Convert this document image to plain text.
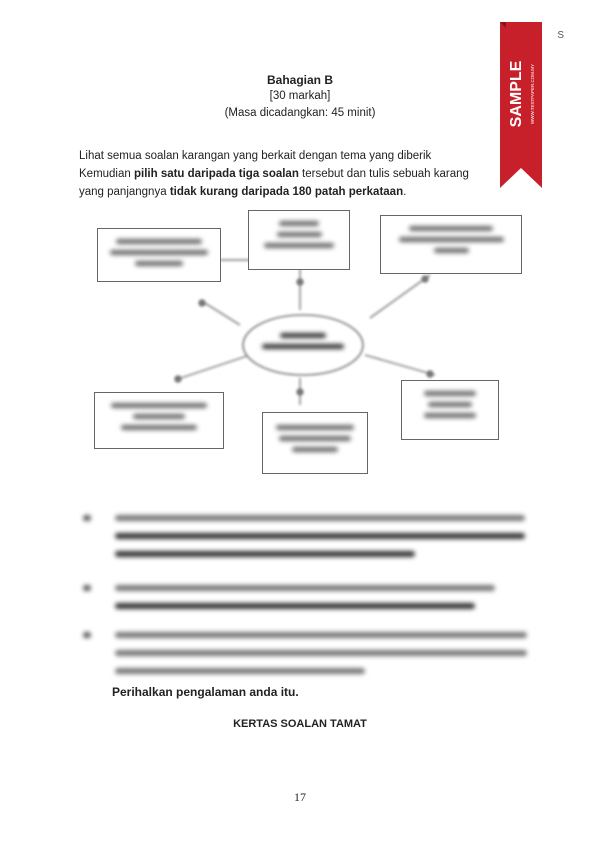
S
Bahagian B
[30 markah]
(Masa dicadangkan: 45 minit)
Lihat semua soalan karangan yang berkait dengan tema yang diberik
Kemudian pilih satu daripada tiga soalan tersebut dan tulis sebuah karang
yang panjangnya tidak kurang daripada 180 patah perkataan.
Perihalkan pengalaman anda itu.
KERTAS SOALAN TAMAT
17
SAMPLE WWW.TESTPAPER.COM.MY
